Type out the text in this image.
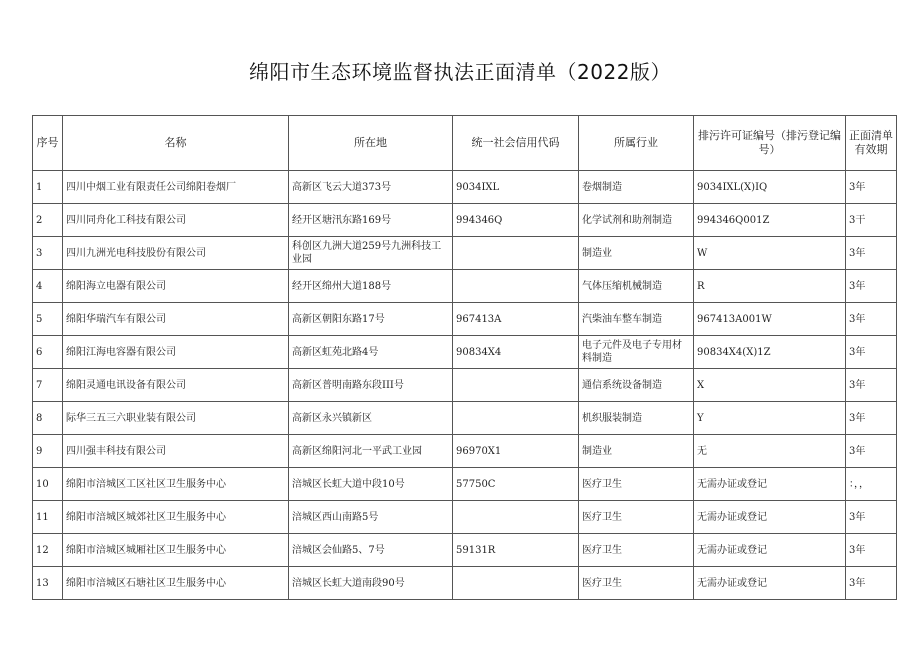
绵阳市生态环境监督执法正面清单（2022版）
序号	名称	所在地	统一社会信用代码	所属行业	排污许可证编号（排污登记编号）	正面清单有效期
1	四川中烟工业有限责任公司绵阳卷烟厂	高新区飞云大道373号	9034IXL	卷烟制造	9034IXL(X)IQ	3年
2	四川同舟化工科技有限公司	经开区塘汛东路169号	994346Q	化学试剂和助剂制造	994346Q001Z	3干
3	四川九洲光电科技股份有限公司	科创区九洲大道259号九洲科技工业园		制造业	W	3年
4	绵阳海立电器有限公司	经开区绵州大道188号		气体压缩机械制造	R	3年
5	绵阳华瑞汽车有限公司	高新区朝阳东路17号	967413A	汽柴油车整车制造	967413A001W	3年
6	绵阳江海电容器有限公司	高新区虹苑北路4号	90834X4	电子元件及电子专用材料制造	90834X4(X)1Z	3年
7	绵阳灵通电讯设备有限公司	高新区普明南路东段III号		通信系统设备制造	X	3年
8	际华三五三六职业装有限公司	高新区永兴镇新区		机织服装制造	Y	3年
9	四川强丰科技有限公司	高新区绵阳河北一平武工业园	96970X1	制造业	无	3年
10	绵阳市涪城区工区社区卫生服务中心	涪城区长虹大道中段10号	57750C	医疗卫生	无需办证或登记	：，，
11	绵阳市涪城区城郊社区卫生服务中心	涪城区西山南路5号		医疗卫生	无需办证或登记	3年
12	绵阳市涪城区城厢社区卫生服务中心	涪城区会仙路5、7号	59131R	医疗卫生	无需办证或登记	3年
13	绵阳市涪城区石塘社区卫生服务中心	涪城区长虹大道南段90号		医疗卫生	无需办证或登记	3年
